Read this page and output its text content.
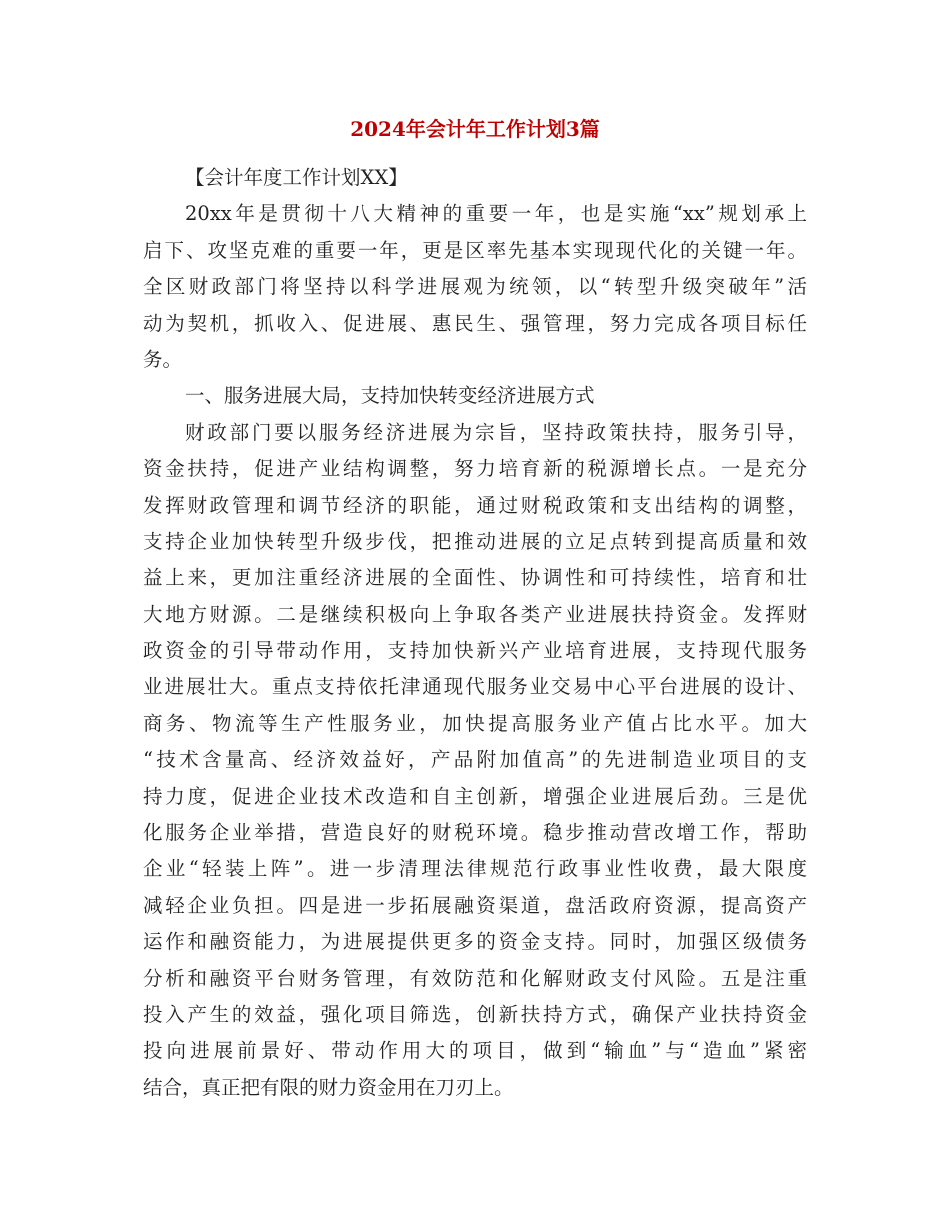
2024年会计年工作计划3篇
【会计年度工作计划XX】
20xx年是贯彻十八大精神的重要一年，也是实施“xx”规划承上
启下、攻坚克难的重要一年，更是区率先基本实现现代化的关键一年。
全区财政部门将坚持以科学进展观为统领，以“转型升级突破年”活
动为契机，抓收入、促进展、惠民生、强管理，努力完成各项目标任
务。
一、服务进展大局，支持加快转变经济进展方式
财政部门要以服务经济进展为宗旨，坚持政策扶持，服务引导，
资金扶持，促进产业结构调整，努力培育新的税源增长点。一是充分
发挥财政管理和调节经济的职能，通过财税政策和支出结构的调整，
支持企业加快转型升级步伐，把推动进展的立足点转到提高质量和效
益上来，更加注重经济进展的全面性、协调性和可持续性，培育和壮
大地方财源。二是继续积极向上争取各类产业进展扶持资金。发挥财
政资金的引导带动作用，支持加快新兴产业培育进展，支持现代服务
业进展壮大。重点支持依托津通现代服务业交易中心平台进展的设计、
商务、物流等生产性服务业，加快提高服务业产值占比水平。加大
“技术含量高、经济效益好，产品附加值高”的先进制造业项目的支
持力度，促进企业技术改造和自主创新，增强企业进展后劲。三是优
化服务企业举措，营造良好的财税环境。稳步推动营改增工作，帮助
企业“轻装上阵”。进一步清理法律规范行政事业性收费，最大限度
减轻企业负担。四是进一步拓展融资渠道，盘活政府资源，提高资产
运作和融资能力，为进展提供更多的资金支持。同时，加强区级债务
分析和融资平台财务管理，有效防范和化解财政支付风险。五是注重
投入产生的效益，强化项目筛选，创新扶持方式，确保产业扶持资金
投向进展前景好、带动作用大的项目，做到“输血”与“造血”紧密
结合，真正把有限的财力资金用在刀刃上。
